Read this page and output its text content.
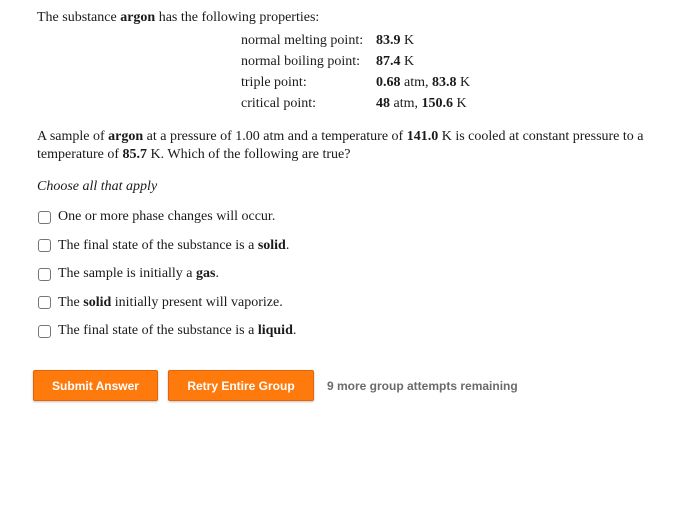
The substance argon has the following properties:
normal melting point: 83.9 K
normal boiling point: 87.4 K
triple point:	0.68 atm, 83.8 K
critical point:	48 atm, 150.6 K
A sample of argon at a pressure of 1.00 atm and a temperature of 141.0 K is cooled at constant pressure to a temperature of 85.7 K. Which of the following are true?
Choose all that apply
One or more phase changes will occur.
The final state of the substance is a solid.
The sample is initially a gas.
The solid initially present will vaporize.
The final state of the substance is a liquid.
Submit Answer	Retry Entire Group	9 more group attempts remaining
